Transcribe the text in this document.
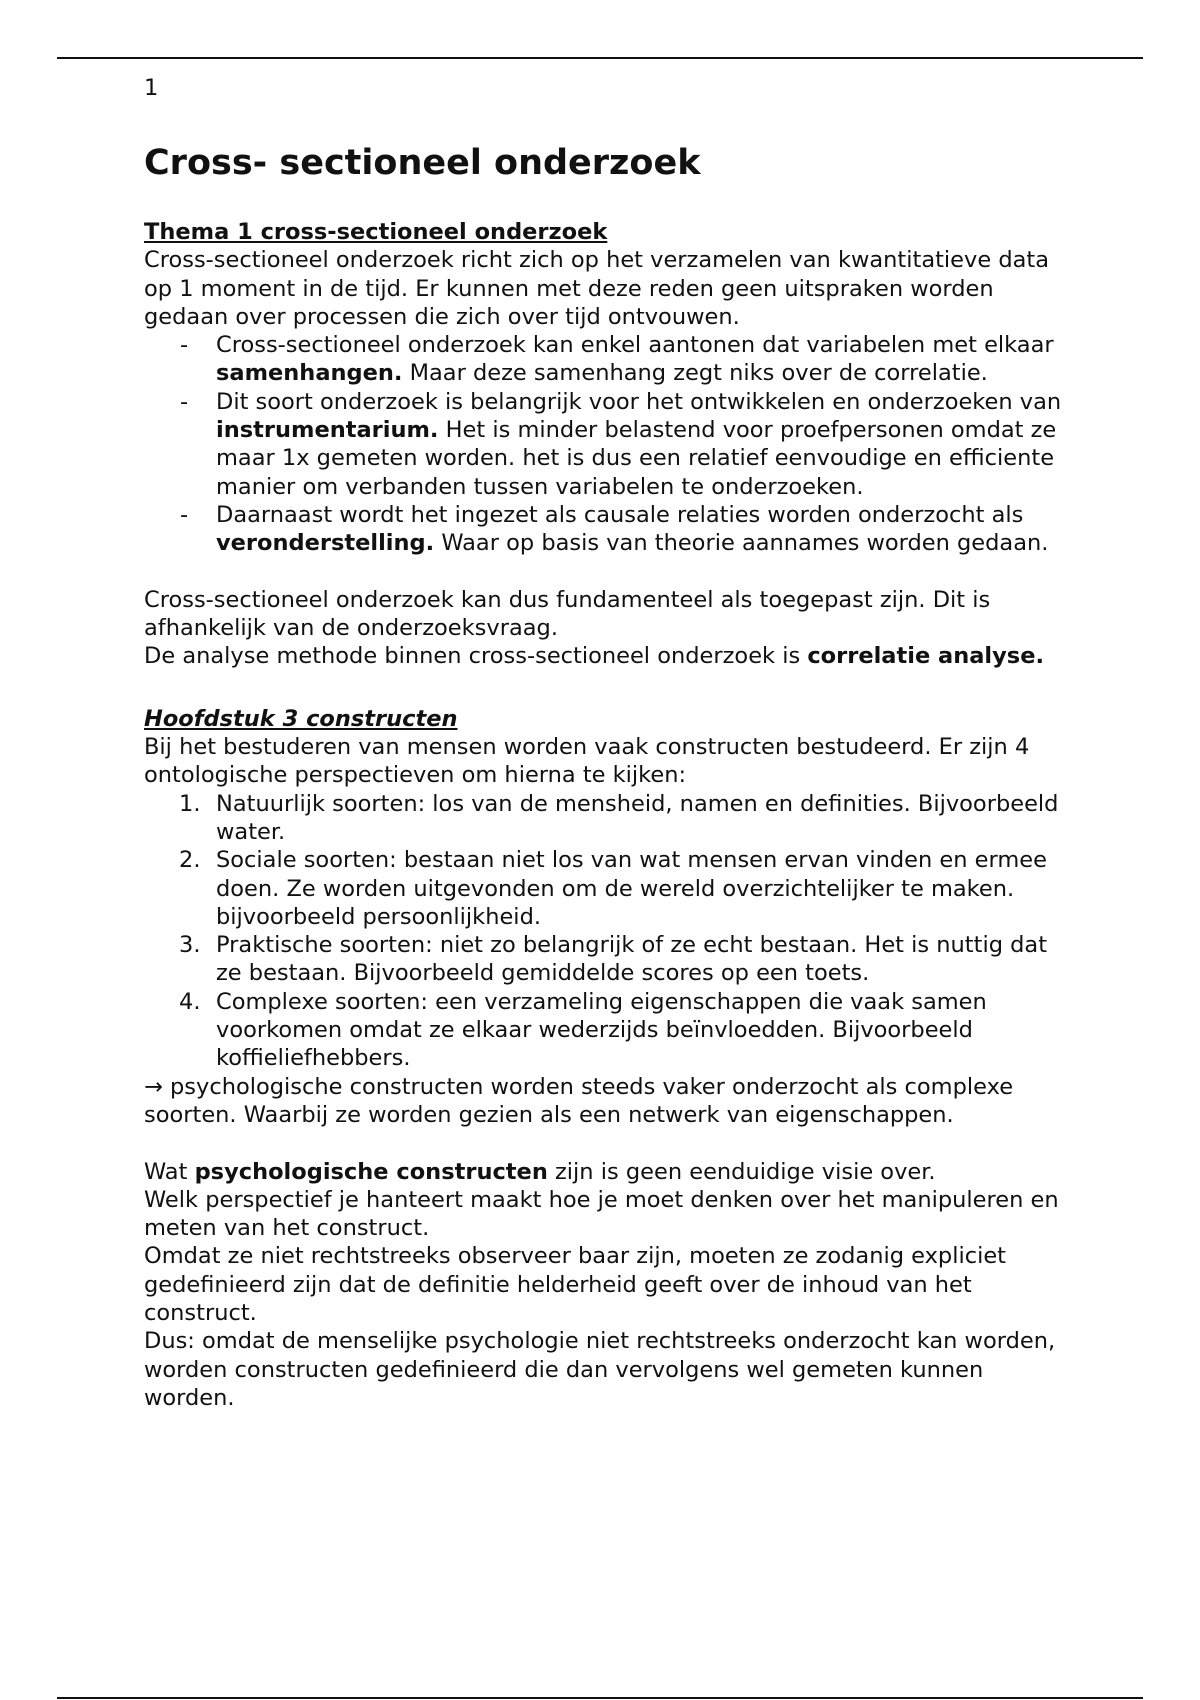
1

Cross- sectioneel onderzoek
Thema 1 cross-sectioneel onderzoek

Cross-sectioneel onderzoek richt zich op het verzamelen van kwantitatieve data op 1 moment in de tijd. Er kunnen met deze reden geen uitspraken worden gedaan over processen die zich over tijd ontvouwen.

-	Cross-sectioneel onderzoek kan enkel aantonen dat variabelen met elkaar samenhangen. Maar deze samenhang zegt niks over de correlatie.
-	Dit soort onderzoek is belangrijk voor het ontwikkelen en onderzoeken van instrumentarium. Het is minder belastend voor proefpersonen omdat ze maar 1x gemeten worden. het is dus een relatief eenvoudige en efficiente manier om verbanden tussen variabelen te onderzoeken.
-	Daarnaast wordt het ingezet als causale relaties worden onderzocht als veronderstelling. Waar op basis van theorie aannames worden gedaan.

Cross-sectioneel onderzoek kan dus fundamenteel als toegepast zijn. Dit is afhankelijk van de onderzoeksvraag.

De analyse methode binnen cross-sectioneel onderzoek is correlatie analyse.

Hoofdstuk 3 constructen

Bij het bestuderen van mensen worden vaak constructen bestudeerd. Er zijn 4 ontologische perspectieven om hierna te kijken:

1. Natuurlijk soorten: los van de mensheid, namen en definities. Bijvoorbeeld water.
2. Sociale soorten: bestaan niet los van wat mensen ervan vinden en ermee doen. Ze worden uitgevonden om de wereld overzichtelijker te maken. bijvoorbeeld persoonlijkheid.
3. Praktische soorten: niet zo belangrijk of ze echt bestaan. Het is nuttig dat ze bestaan. Bijvoorbeeld gemiddelde scores op een toets.
4. Complexe soorten: een verzameling eigenschappen die vaak samen voorkomen omdat ze elkaar wederzijds beïnvloedden. Bijvoorbeeld koffieliefhebbers.

→ psychologische constructen worden steeds vaker onderzocht als complexe soorten. Waarbij ze worden gezien als een netwerk van eigenschappen.

Wat psychologische constructen zijn is geen eenduidige visie over.

Welk perspectief je hanteert maakt hoe je moet denken over het manipuleren en meten van het construct.

Omdat ze niet rechtstreeks observeer baar zijn, moeten ze zodanig expliciet gedefinieerd zijn dat de definitie helderheid geeft over de inhoud van het construct.

Dus: omdat de menselijke psychologie niet rechtstreeks onderzocht kan worden, worden constructen gedefinieerd die dan vervolgens wel gemeten kunnen worden.
